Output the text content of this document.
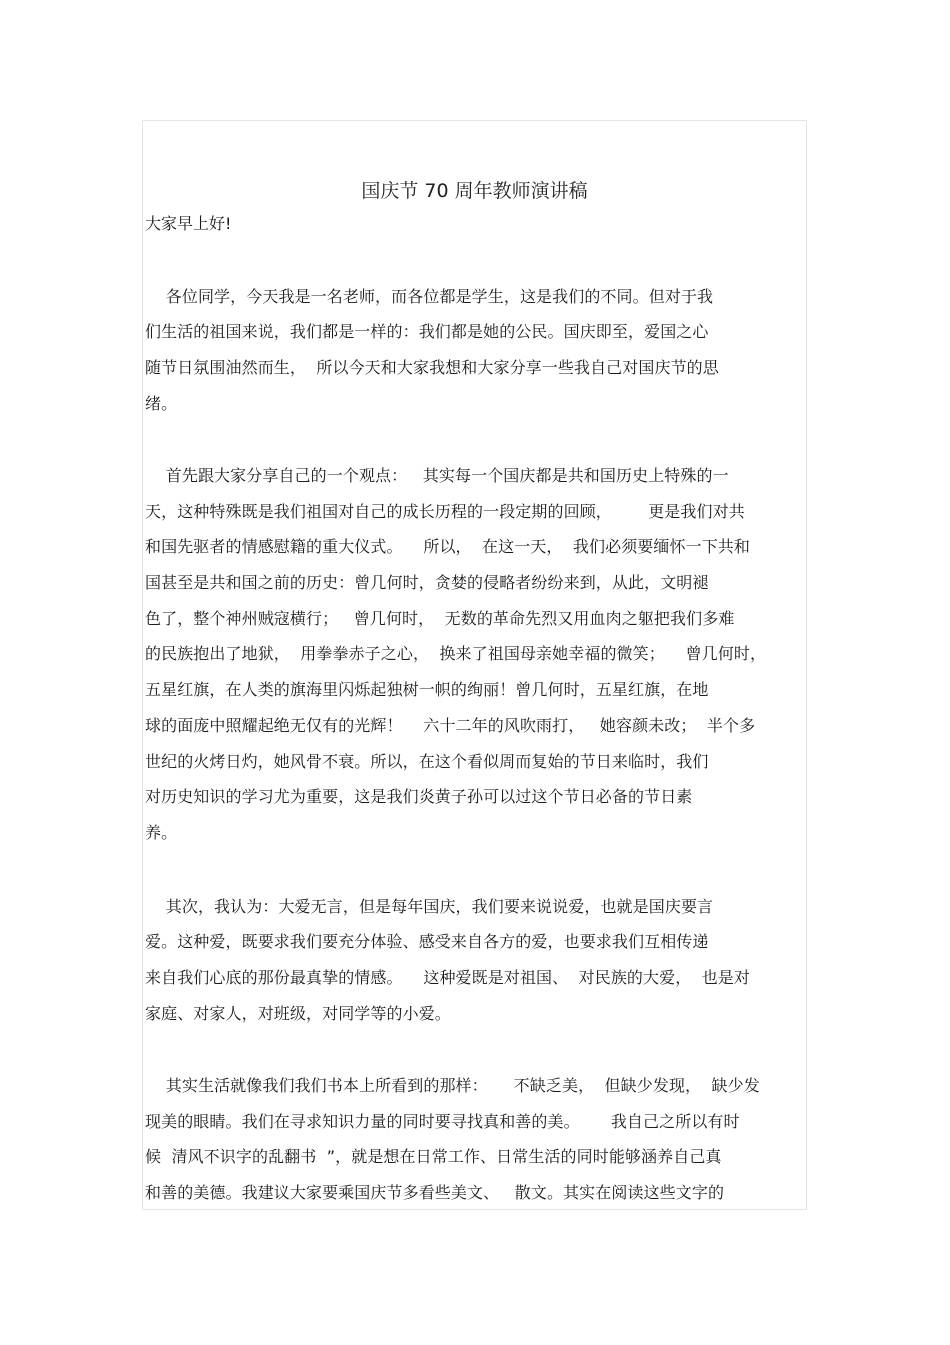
国庆节 70 周年教师演讲稿
大家早上好!
各位同学，今天我是一名老师，而各位都是学生，这是我们的不同。但对于我
们生活的祖国来说，我们都是一样的：我们都是她的公民。国庆即至，爱国之心
随节日氛围油然而生，  所以今天和大家我想和大家分享一些我自己对国庆节的思
绪。
首先跟大家分享自己的一个观点：   其实每一个国庆都是共和国历史上特殊的一
天，这种特殊既是我们祖国对自己的成长历程的一段定期的回顾，       更是我们对共
和国先驱者的情感慰籍的重大仪式。    所以，  在这一天，  我们必须要缅怀一下共和
国甚至是共和国之前的历史：曾几何时，贪婪的侵略者纷纷来到，从此，文明褪
色了，整个神州贼寇横行；   曾几何时，  无数的革命先烈又用血肉之躯把我们多难
的民族抱出了地狱，  用拳拳赤子之心，  换来了祖国母亲她幸福的微笑；    曾几何时，
五星红旗，在人类的旗海里闪烁起独树一帜的绚丽！曾几何时，五星红旗，在地
球的面庞中照耀起绝无仅有的光辉！    六十二年的风吹雨打，   她容颜未改；  半个多
世纪的火烤日灼，她风骨不衰。所以，在这个看似周而复始的节日来临时，我们
对历史知识的学习尤为重要，这是我们炎黄子孙可以过这个节日必备的节日素
养。
其次，我认为：大爱无言，但是每年国庆，我们要来说说爱，也就是国庆要言
爱。这种爱，既要求我们要充分体验、感受来自各方的爱，也要求我们互相传递
来自我们心底的那份最真挚的情感。    这种爱既是对祖国、  对民族的大爱，  也是对
家庭、对家人，对班级，对同学等的小爱。
其实生活就像我们我们书本上所看到的那样：     不缺乏美，  但缺少发现，  缺少发
现美的眼睛。我们在寻求知识力量的同时要寻找真和善的美。      我自己之所以有时
候  清风不识字的乱翻书  ”，就是想在日常工作、日常生活的同时能够涵养自己真
和善的美德。我建议大家要乘国庆节多看些美文、   散文。其实在阅读这些文字的
